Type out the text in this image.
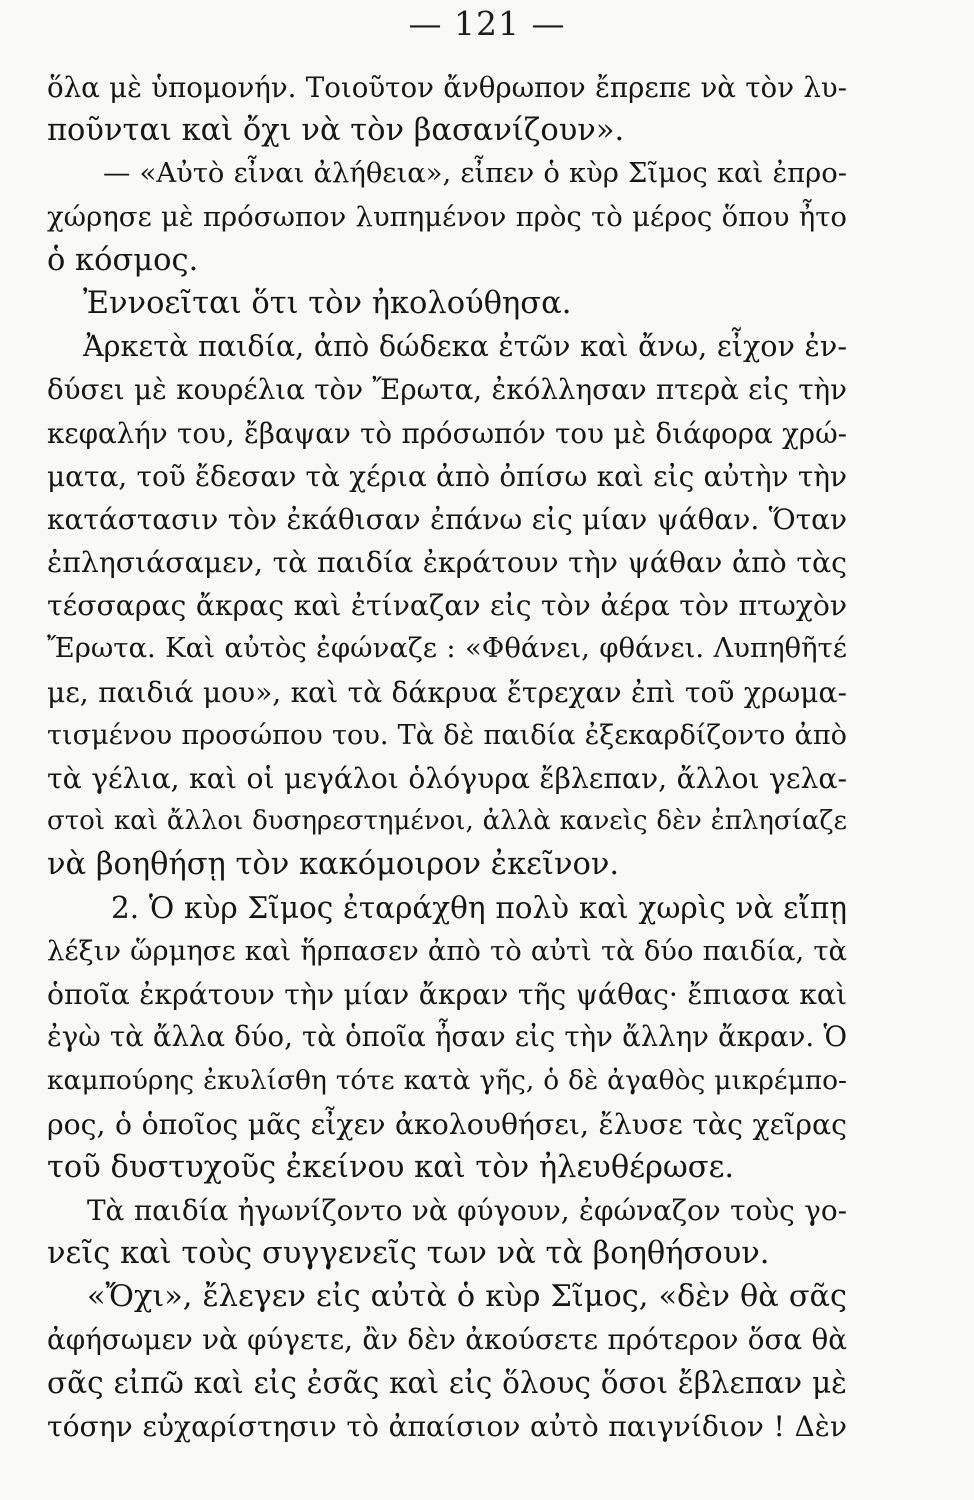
— 121 —
ὅλα μὲ ὑπομονήν. Τοιοῦτον ἄνθρωπον ἔπρεπε νὰ τὸν λυ-
ποῦνται καὶ ὄχι νὰ τὸν βασανίζουν».
— «Αὐτὸ εἶναι ἀλήθεια», εἶπεν ὁ κὺρ Σῖμος καὶ ἐπρο-
χώρησε μὲ πρόσωπον λυπημένον πρὸς τὸ μέρος ὅπου ἦτο
ὁ κόσμος.
Ἐννοεῖται ὅτι τὸν ἠκολούθησα.
Ἀρκετὰ παιδία, ἀπὸ δώδεκα ἐτῶν καὶ ἄνω, εἶχον ἐν-
δύσει μὲ κουρέλια τὸν Ἔρωτα, ἐκόλλησαν πτερὰ εἰς τὴν
κεφαλήν του, ἔβαψαν τὸ πρόσωπόν του μὲ διάφορα χρώ-
ματα, τοῦ ἔδεσαν τὰ χέρια ἀπὸ ὀπίσω καὶ εἰς αὐτὴν τὴν
κατάστασιν τὸν ἐκάθισαν ἐπάνω εἰς μίαν ψάθαν. Ὅταν
ἐπλησιάσαμεν, τὰ παιδία ἐκράτουν τὴν ψάθαν ἀπὸ τὰς
τέσσαρας ἄκρας καὶ ἐτίναζαν εἰς τὸν ἀέρα τὸν πτωχὸν
Ἔρωτα. Καὶ αὐτὸς ἐφώναζε : «Φθάνει, φθάνει. Λυπηθῆτέ
με, παιδιά μου», καὶ τὰ δάκρυα ἔτρεχαν ἐπὶ τοῦ χρωμα-
τισμένου προσώπου του. Τὰ δὲ παιδία ἐξεκαρδίζοντο ἀπὸ
τὰ γέλια, καὶ οἱ μεγάλοι ὁλόγυρα ἔβλεπαν, ἄλλοι γελα-
στοὶ καὶ ἄλλοι δυσηρεστημένοι, ἀλλὰ κανεὶς δὲν ἐπλησίαζε
νὰ βοηθήσῃ τὸν κακόμοιρον ἐκεῖνον.
2. Ὁ κὺρ Σῖμος ἐταράχθη πολὺ καὶ χωρὶς νὰ εἴπῃ
λέξιν ὥρμησε καὶ ἥρπασεν ἀπὸ τὸ αὐτὶ τὰ δύο παιδία, τὰ
ὁποῖα ἐκράτουν τὴν μίαν ἄκραν τῆς ψάθας· ἔπιασα καὶ
ἐγὼ τὰ ἄλλα δύο, τὰ ὁποῖα ἦσαν εἰς τὴν ἄλλην ἄκραν. Ὁ
καμπούρης ἐκυλίσθη τότε κατὰ γῆς, ὁ δὲ ἀγαθὸς μικρέμπο-
ρος, ὁ ὁποῖος μᾶς εἶχεν ἀκολουθήσει, ἔλυσε τὰς χεῖρας
τοῦ δυστυχοῦς ἐκείνου καὶ τὸν ἠλευθέρωσε.
Τὰ παιδία ἠγωνίζοντο νὰ φύγουν, ἐφώναζον τοὺς γο-
νεῖς καὶ τοὺς συγγενεῖς των νὰ τὰ βοηθήσουν.
«Ὄχι», ἔλεγεν εἰς αὐτὰ ὁ κὺρ Σῖμος, «δὲν θὰ σᾶς
ἀφήσωμεν νὰ φύγετε, ἂν δὲν ἀκούσετε πρότερον ὅσα θὰ
σᾶς εἰπῶ καὶ εἰς ἐσᾶς καὶ εἰς ὅλους ὅσοι ἔβλεπαν μὲ
τόσην εὐχαρίστησιν τὸ ἀπαίσιον αὐτὸ παιγνίδιον ! Δὲν
